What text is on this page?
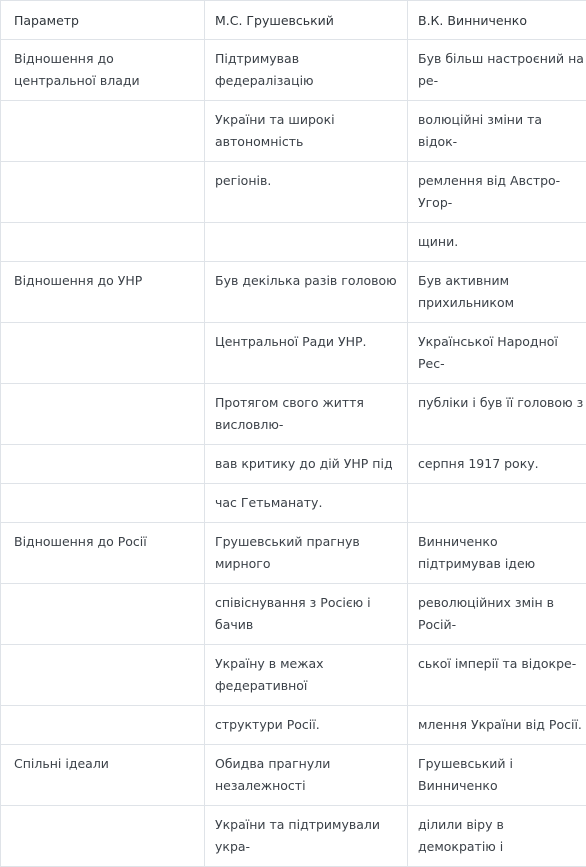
Параметр	М.С. Грушевський	В.К. Винниченко
Відношення до центральної влади	Підтримував федералізацію	Був більш настроєний на ре-
	України та широкі автономність	волюційні зміни та відок-
	регіонів.	ремлення від Австро-Угор-
		щини.
Відношення до УНР	Був декілька разів головою	Був активним прихильником
	Центральної Ради УНР.	Української Народної Рес-
	Протягом свого життя висловлю-	публіки і був її головою з
	вав критику до дій УНР під	серпня 1917 року.
	час Гетьманату.	
Відношення до Росії	Грушевський прагнув мирного	Винниченко підтримував ідею
	співіснування з Росією і бачив	революційних змін в Росій-
	Україну в межах федеративної	ської імперії та відокре-
	структури Росії.	млення України від Росії.
Спільні ідеали	Обидва прагнули незалежності	Грушевський і Винниченко
	України та підтримували укра-	ділили віру в демократію і
